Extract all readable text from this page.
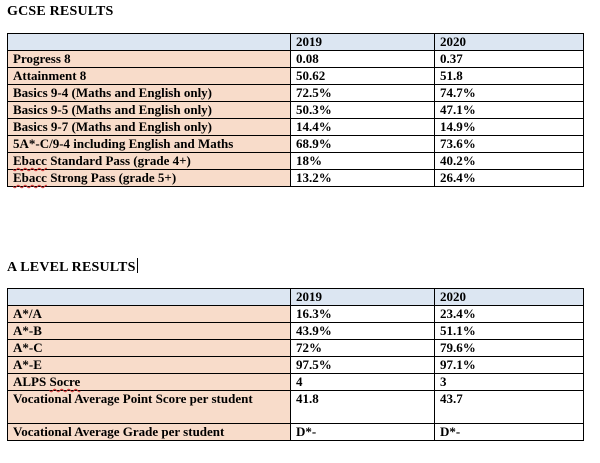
GCSE RESULTS
	2019	2020
Progress 8	0.08	0.37
Attainment 8	50.62	51.8
Basics 9-4 (Maths and English only)	72.5%	74.7%
Basics 9-5 (Maths and English only)	50.3%	47.1%
Basics 9-7 (Maths and English only)	14.4%	14.9%
5A*-C/9-4 including English and Maths	68.9%	73.6%
Ebacc Standard Pass (grade 4+)	18%	40.2%
Ebacc Strong Pass (grade 5+)	13.2%	26.4%
A LEVEL RESULTS
	2019	2020
A*/A	16.3%	23.4%
A*-B	43.9%	51.1%
A*-C	72%	79.6%
A*-E	97.5%	97.1%
ALPS Socre	4	3
Vocational Average Point Score per student	41.8	43.7
Vocational Average Grade per student	D*-	D*-
